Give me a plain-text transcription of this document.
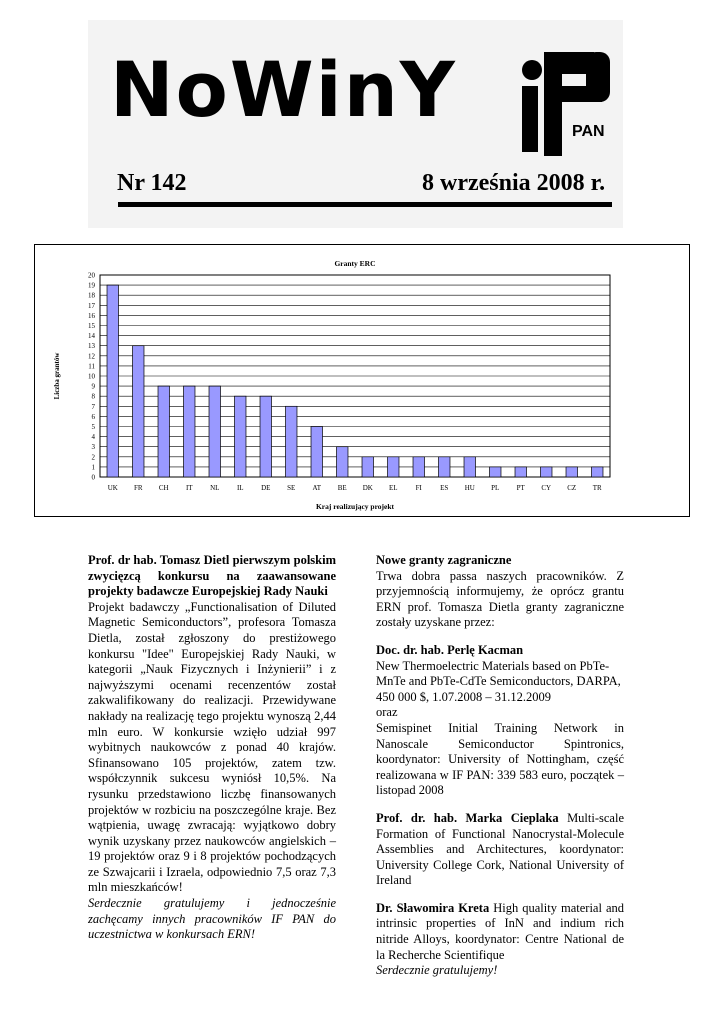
NoWinY	PAN
Nr 142	8 września 2008 r.
0
1
2
3
4
5
6
7
8
9
10
11
12
13
14
15
16
17
18
19
20
UK FR CH IT	NL	IL	DE SE AT BE DK EL	FI	ES HU PL PT CY CZ TR
Granty ERC
Kraj realizujący projekt
Liczba grantów

Prof. dr hab. Tomasz Dietl pierwszym polskim zwycięzcą konkursu na zaawansowane projekty badawcze Europejskiej Rady Nauki

Projekt badawczy „Functionalisation of Diluted Magnetic Semiconductors”, profesora Tomasza Dietla, został zgłoszony do prestiżowego konkursu "Idee" Europejskiej Rady Nauki, w kategorii „Nauk Fizycznych i Inżynierii” i z najwyższymi ocenami recenzentów został zakwalifikowany do realizacji. Przewidywane nakłady na realizację tego projektu wynoszą 2,44 mln euro. W konkursie wzięło udział 997 wybitnych naukowców z ponad 40 krajów. Sfinansowano 105 projektów, zatem tzw. współczynnik sukcesu wyniósł 10,5%. Na rysunku przedstawiono liczbę finansowanych projektów w rozbiciu na poszczególne kraje. Bez wątpienia, uwagę zwracają: wyjątkowo dobry wynik uzyskany przez naukowców angielskich – 19 projektów oraz 9 i 8 projektów pochodzących ze Szwajcarii i Izraela, odpowiednio 7,5 oraz 7,3 mln mieszkańców!

Serdecznie gratulujemy i jednocześnie zachęcamy innych pracowników IF PAN do uczestnictwa w konkursach ERN!

Nowe granty zagraniczne

Trwa dobra passa naszych pracowników. Z przyjemnością informujemy, że oprócz grantu ERN prof. Tomasza Dietla granty zagraniczne zostały uzyskane przez:

Doc. dr. hab. Perlę Kacman

New Thermoelectric Materials based on PbTe-MnTe and PbTe-CdTe Semiconductors, DARPA, 450 000 $, 1.07.2008 – 31.12.2009

oraz

Semispinet Initial Training Network in Nanoscale Semiconductor Spintronics, koordynator: University of Nottingham, część realizowana w IF PAN: 339 583 euro, początek – listopad 2008

Prof. dr. hab. Marka Cieplaka Multi-scale Formation of Functional Nanocrystal-Molecule Assemblies and Architectures, koordynator: University College Cork, National University of Ireland

Dr. Sławomira Kreta High quality material and intrinsic properties of InN and indium rich nitride Alloys, koordynator: Centre National de la Recherche Scientifique

Serdecznie gratulujemy!
